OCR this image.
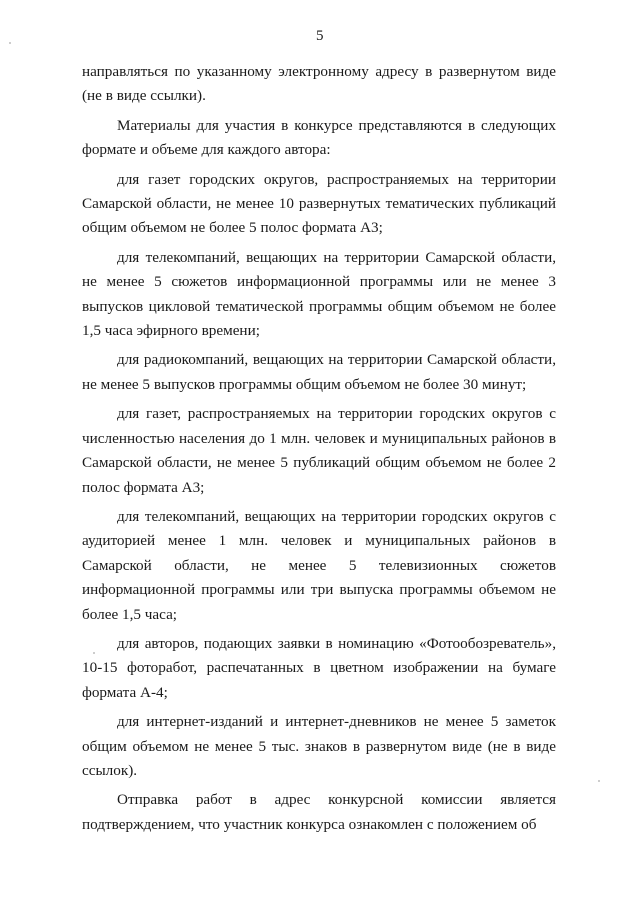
5

направляться по указанному электронному адресу в развернутом виде (не в виде ссылки).

Материалы для участия в конкурсе представляются в следующих формате и объеме для каждого автора:

для газет городских округов, распространяемых на территории Самарской области, не менее 10 развернутых тематических публикаций общим объемом не более 5 полос формата А3;

для телекомпаний, вещающих на территории Самарской области, не менее 5 сюжетов информационной программы или не менее 3 выпусков цикловой тематической программы общим объемом не более 1,5 часа эфирного времени;

для радиокомпаний, вещающих на территории Самарской области, не менее 5 выпусков программы общим объемом не более 30 минут;

для газет, распространяемых на территории городских округов с численностью населения до 1 млн. человек и муниципальных районов в Самарской области, не менее 5 публикаций общим объемом не более 2 полос формата А3;

для телекомпаний, вещающих на территории городских округов с аудиторией менее 1 млн. человек и муниципальных районов в Самарской области, не менее 5 телевизионных сюжетов информационной программы или три выпуска программы объемом не более 1,5 часа;

для авторов, подающих заявки в номинацию «Фотообозреватель», 10-15 фоторабот, распечатанных в цветном изображении на бумаге формата А-4;

для интернет-изданий и интернет-дневников не менее 5 заметок общим объемом не менее 5 тыс. знаков в развернутом виде (не в виде ссылок).

Отправка работ в адрес конкурсной комиссии является подтверждением, что участник конкурса ознакомлен с положением об
